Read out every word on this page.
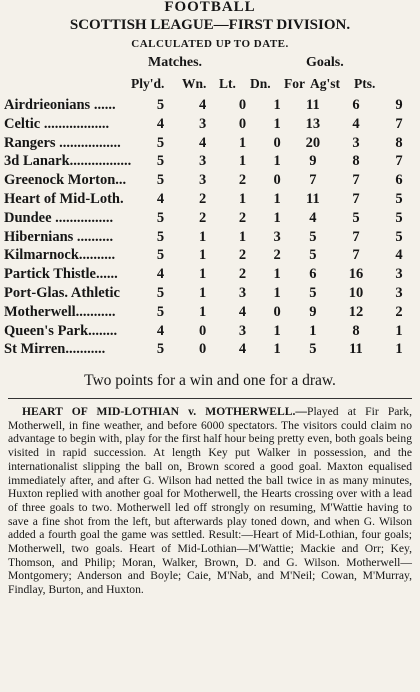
FOOTBALL
SCOTTISH LEAGUE—FIRST DIVISION.
CALCULATED UP TO DATE.
Matches.	Goals.
Ply'd. Wn. Lt. Dn. For Ag'st Pts.
Airdrieonians ......	5	4	0	1	11	6	9
Celtic ..................	4	3	0	1	13	4	7
Rangers .................	5	4	1	0	20	3	8
3d Lanark.................	5	3	1	1	9	8	7
Greenock Morton...	5	3	2	0	7	7	6
Heart of Mid-Loth.	4	2	1	1	11	7	5
Dundee ................	5	2	2	1	4	5	5
Hibernians ..........	5	1	1	3	5	7	5
Kilmarnock..........	5	1	2	2	5	7	4
Partick Thistle......	4	1	2	1	6	16	3
Port-Glas. Athletic	5	1	3	1	5	10	3
Motherwell...........	5	1	4	0	9	12	2
Queen's Park........	4	0	3	1	1	8	1
St Mirren...........	5	0	4	1	5	11	1
Two points for a win and one for a draw.

HEART OF MID-LOTHIAN v. MOTHERWELL.—Played at Fir Park, Motherwell, in fine weather, and before 6000 spectators. The visitors could claim no advantage to begin with, play for the first half hour being pretty even, both goals being visited in rapid succession. At length Key put Walker in possession, and the internationalist slipping the ball on, Brown scored a good goal. Maxton equalised immediately after, and after G. Wilson had netted the ball twice in as many minutes, Huxton replied with another goal for Motherwell, the Hearts crossing over with a lead of three goals to two. Motherwell led off strongly on resuming, M'Wattie having to save a fine shot from the left, but afterwards play toned down, and when G. Wilson added a fourth goal the game was settled. Result:—Heart of Mid-Lothian, four goals; Motherwell, two goals. Heart of Mid-Lothian—M'Wattie; Mackie and Orr; Key, Thomson, and Philip; Moran, Walker, Brown, D. and G. Wilson. Motherwell—Montgomery; Anderson and Boyle; Caie, M'Nab, and M'Neil; Cowan, M'Murray, Findlay, Burton, and Huxton.
